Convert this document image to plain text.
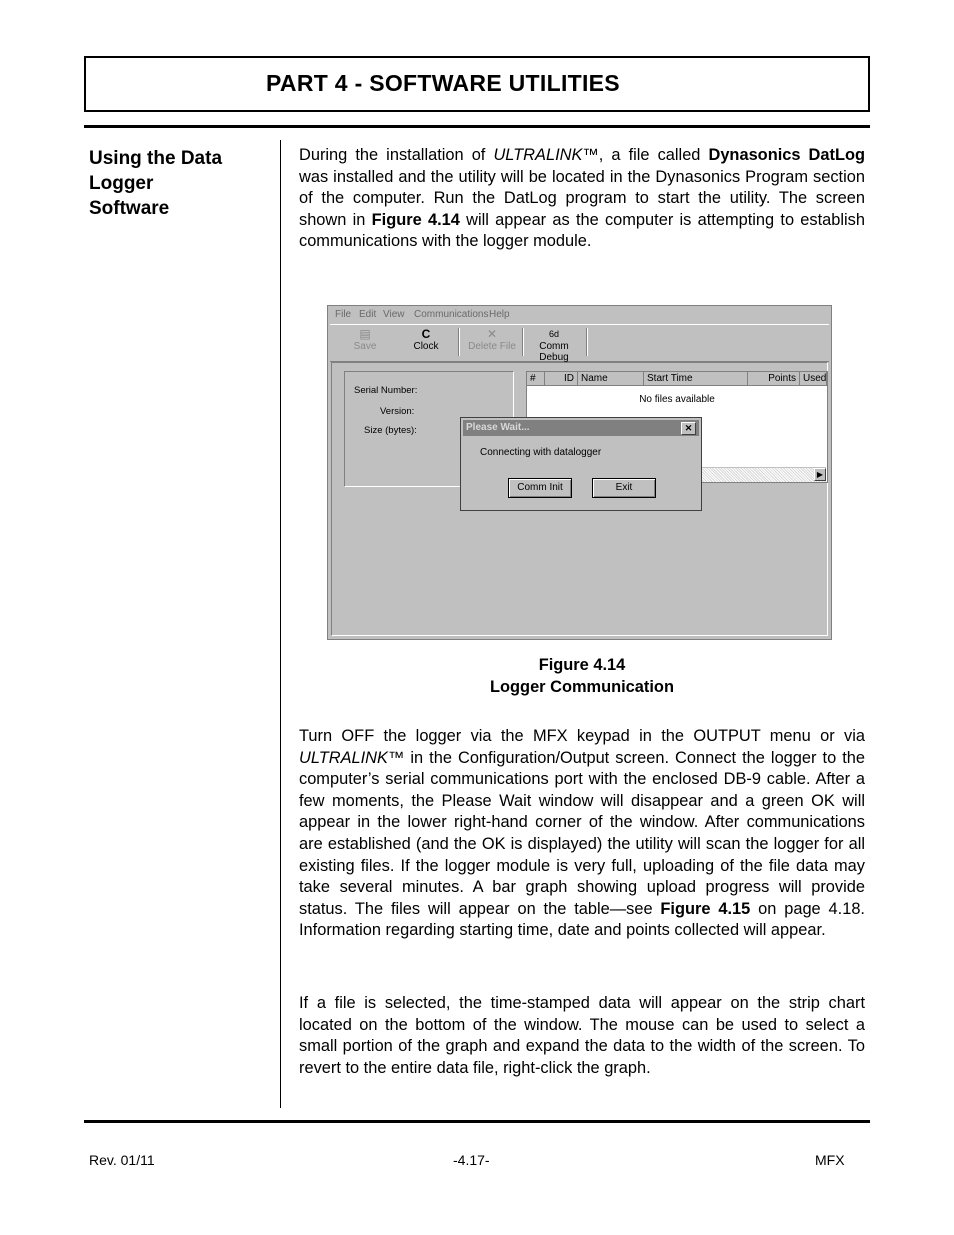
PART 4 - SOFTWARE UTILITIES
Using the Data
Logger
Software
During the installation of ULTRALINK™, a file called Dynasonics DatLog was installed and the utility will be located in the Dynasonics Program section of the computer. Run the DatLog program to start the utility. The screen shown in Figure 4.14 will appear as the computer is attempting to establish communications with the logger module.
File Edit View Communications Help
▤
Save
C
Clock
✕
Delete File
6d
Comm Debug
Serial Number:
Version:
Size (bytes):
#	ID Name	Start Time	Points Used
No files available
▶
Please Wait...	✕
Connecting with datalogger
Comm Init	Exit
Figure 4.14
Logger Communication
Turn OFF the logger via the MFX keypad in the OUTPUT menu or via ULTRALINK™ in the Configuration/Output screen. Connect the logger to the computer’s serial communications port with the enclosed DB-9 cable. After a few moments, the Please Wait window will disappear and a green OK will appear in the lower right-hand corner of the window. After communications are established (and the OK is displayed) the utility will scan the logger for all existing files. If the logger module is very full, uploading of the file data may take several minutes. A bar graph showing upload progress will provide status. The files will appear on the table—see Figure 4.15 on page 4.18. Information regarding starting time, date and points collected will appear.
If a file is selected, the time-stamped data will appear on the strip chart located on the bottom of the window. The mouse can be used to select a small portion of the graph and expand the data to the width of the screen. To revert to the entire data file, right-click the graph.
Rev. 01/11	-4.17-	MFX
